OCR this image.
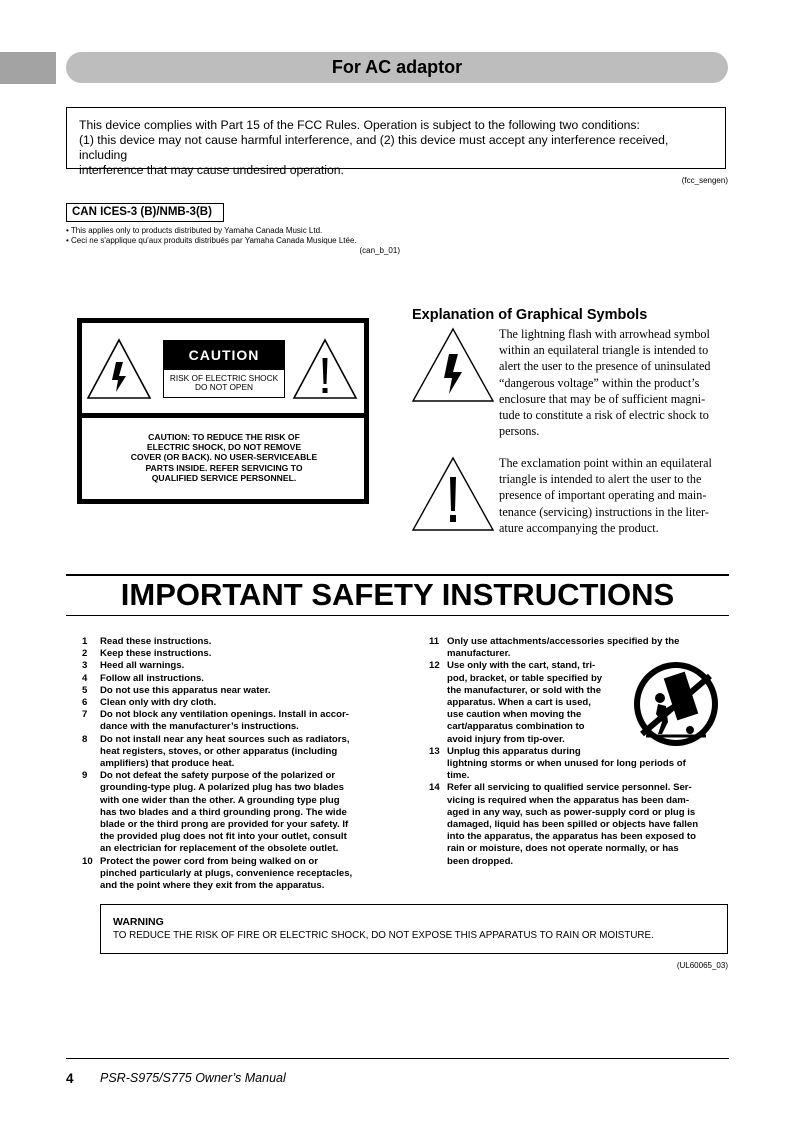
For AC adaptor
This device complies with Part 15 of the FCC Rules. Operation is subject to the following two conditions:
(1) this device may not cause harmful interference, and (2) this device must accept any interference received, including
interference that may cause undesired operation.
(fcc_sengen)
CAN ICES-3 (B)/NMB-3(B)
• This applies only to products distributed by Yamaha Canada Music Ltd.
• Ceci ne s'applique qu'aux produits distribués par Yamaha Canada Musique Ltée.
(can_b_01)
CAUTION
RISK OF ELECTRIC SHOCK
DO NOT OPEN
CAUTION: TO REDUCE THE RISK OF
ELECTRIC SHOCK, DO NOT REMOVE
COVER (OR BACK). NO USER-SERVICEABLE
PARTS INSIDE. REFER SERVICING TO
QUALIFIED SERVICE PERSONNEL.
Explanation of Graphical Symbols
The lightning flash with arrowhead symbol
within an equilateral triangle is intended to
alert the user to the presence of uninsulated
“dangerous voltage” within the product’s
enclosure that may be of sufficient magni-
tude to constitute a risk of electric shock to
persons.
The exclamation point within an equilateral
triangle is intended to alert the user to the
presence of important operating and main-
tenance (servicing) instructions in the liter-
ature accompanying the product.
IMPORTANT SAFETY INSTRUCTIONS
1	Read these instructions.
2	Keep these instructions.
3	Heed all warnings.
4	Follow all instructions.
5	Do not use this apparatus near water.
6	Clean only with dry cloth.
7	Do not block any ventilation openings. Install in accor-
dance with the manufacturer’s instructions.
8	Do not install near any heat sources such as radiators,
heat registers, stoves, or other apparatus (including
amplifiers) that produce heat.
9	Do not defeat the safety purpose of the polarized or
grounding-type plug. A polarized plug has two blades
with one wider than the other. A grounding type plug
has two blades and a third grounding prong. The wide
blade or the third prong are provided for your safety. If
the provided plug does not fit into your outlet, consult
an electrician for replacement of the obsolete outlet.
10 Protect the power cord from being walked on or
pinched particularly at plugs, convenience receptacles,
and the point where they exit from the apparatus.
11 Only use attachments/accessories specified by the
manufacturer.
12 Use only with the cart, stand, tri-
pod, bracket, or table specified by
the manufacturer, or sold with the
apparatus. When a cart is used,
use caution when moving the
cart/apparatus combination to
avoid injury from tip-over.
13 Unplug this apparatus during
lightning storms or when unused for long periods of
time.
14 Refer all servicing to qualified service personnel. Ser-
vicing is required when the apparatus has been dam-
aged in any way, such as power-supply cord or plug is
damaged, liquid has been spilled or objects have fallen
into the apparatus, the apparatus has been exposed to
rain or moisture, does not operate normally, or has
been dropped.
WARNING
TO REDUCE THE RISK OF FIRE OR ELECTRIC SHOCK, DO NOT EXPOSE THIS APPARATUS TO RAIN OR MOISTURE.
(UL60065_03)
4 PSR-S975/S775 Owner’s Manual
